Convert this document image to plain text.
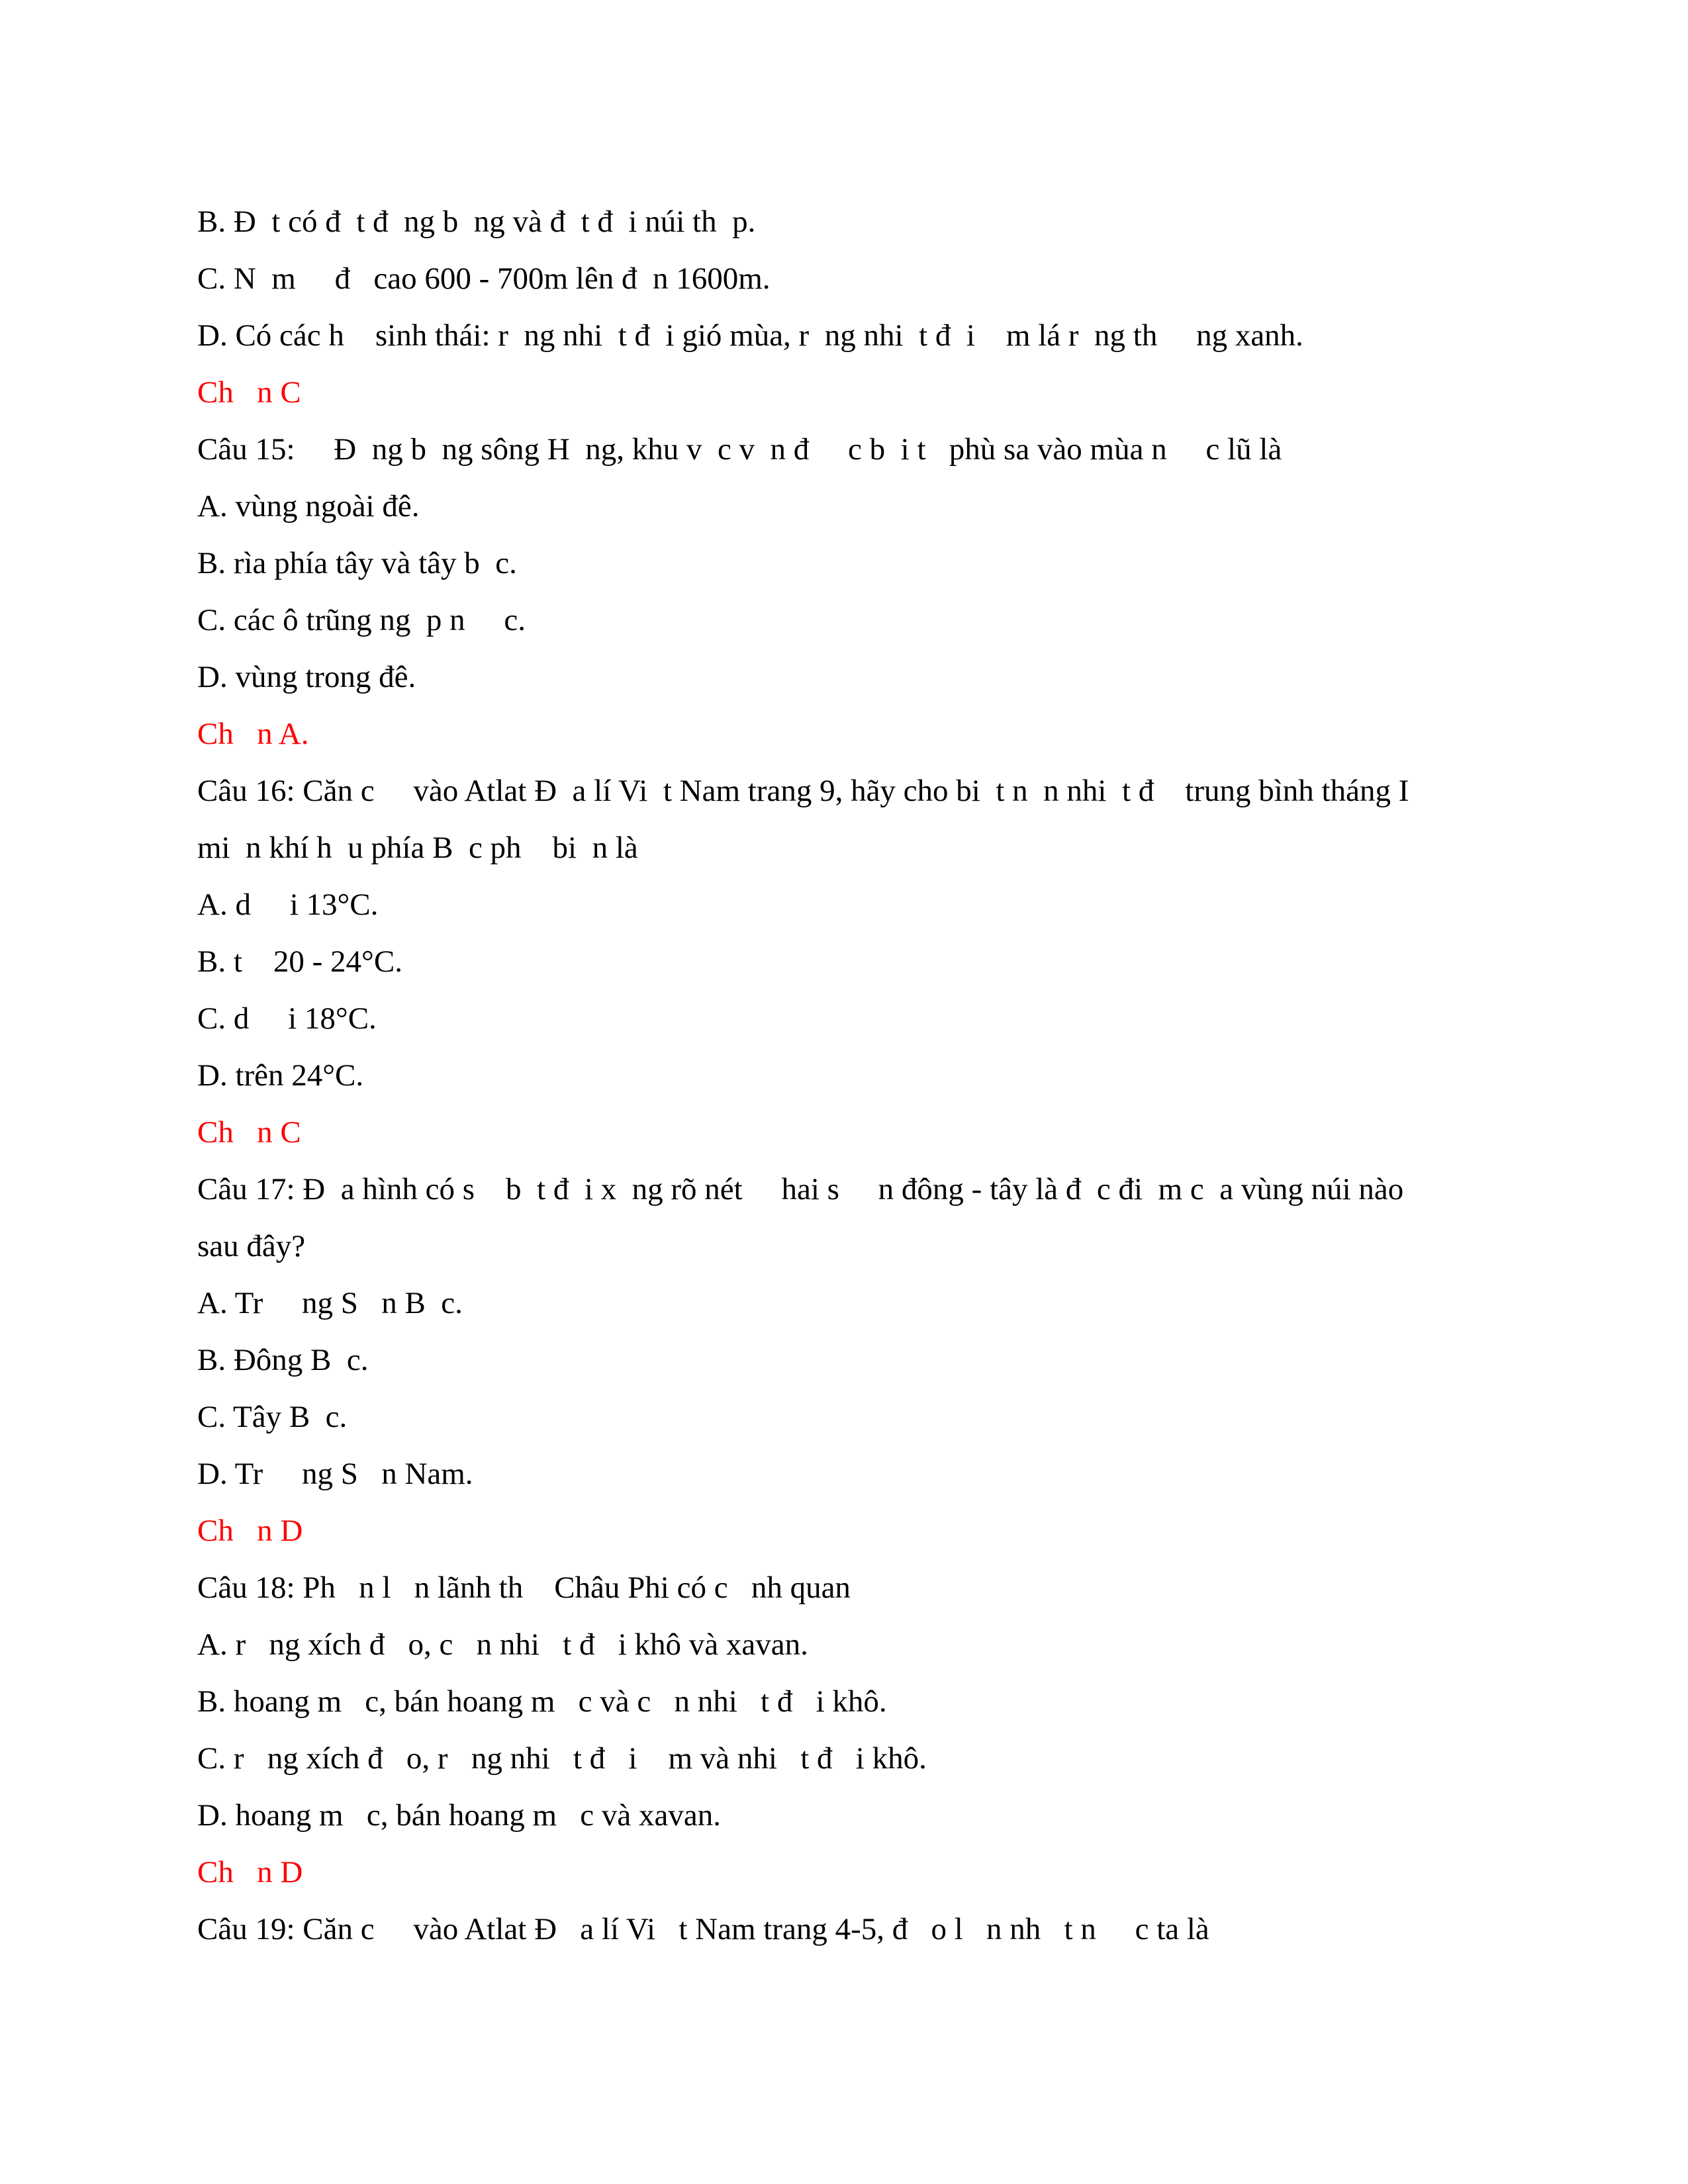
B. Đ  t có đ  t đ  ng b  ng và đ  t đ  i núi th  p.

C. N  m     đ   cao 600 - 700m lên đ  n 1600m.

D. Có các h    sinh thái: r  ng nhi  t đ  i gió mùa, r  ng nhi  t đ  i    m lá r  ng th     ng xanh.

Ch   n C

Câu 15:     Đ  ng b  ng sông H  ng, khu v  c v  n đ     c b  i t   phù sa vào mùa n     c lũ là

A. vùng ngoài đê.

B. rìa phía tây và tây b  c.

C. các ô trũng ng  p n     c.

D. vùng trong đê.

Ch   n A.

Câu 16: Căn c     vào Atlat Đ  a lí Vi  t Nam trang 9, hãy cho bi  t n  n nhi  t đ    trung bình tháng I

mi  n khí h  u phía B  c ph    bi  n là

A. d     i 13°C.

B. t    20 - 24°C.

C. d     i 18°C.

D. trên 24°C.

Ch   n C

Câu 17: Đ  a hình có s    b  t đ  i x  ng rõ nét     hai s     n đông - tây là đ  c đi  m c  a vùng núi nào

sau đây?

A. Tr     ng S   n B  c.

B. Đông B  c.

C. Tây B  c.

D. Tr     ng S   n Nam.

Ch   n D

Câu 18: Ph   n l   n lãnh th    Châu Phi có c   nh quan

A. r   ng xích đ   o, c   n nhi   t đ   i khô và xavan.

B. hoang m   c, bán hoang m   c và c   n nhi   t đ   i khô.

C. r   ng xích đ   o, r   ng nhi   t đ   i    m và nhi   t đ   i khô.

D. hoang m   c, bán hoang m   c và xavan.

Ch   n D

Câu 19: Căn c     vào Atlat Đ   a lí Vi   t Nam trang 4-5, đ   o l   n nh   t n     c ta là
